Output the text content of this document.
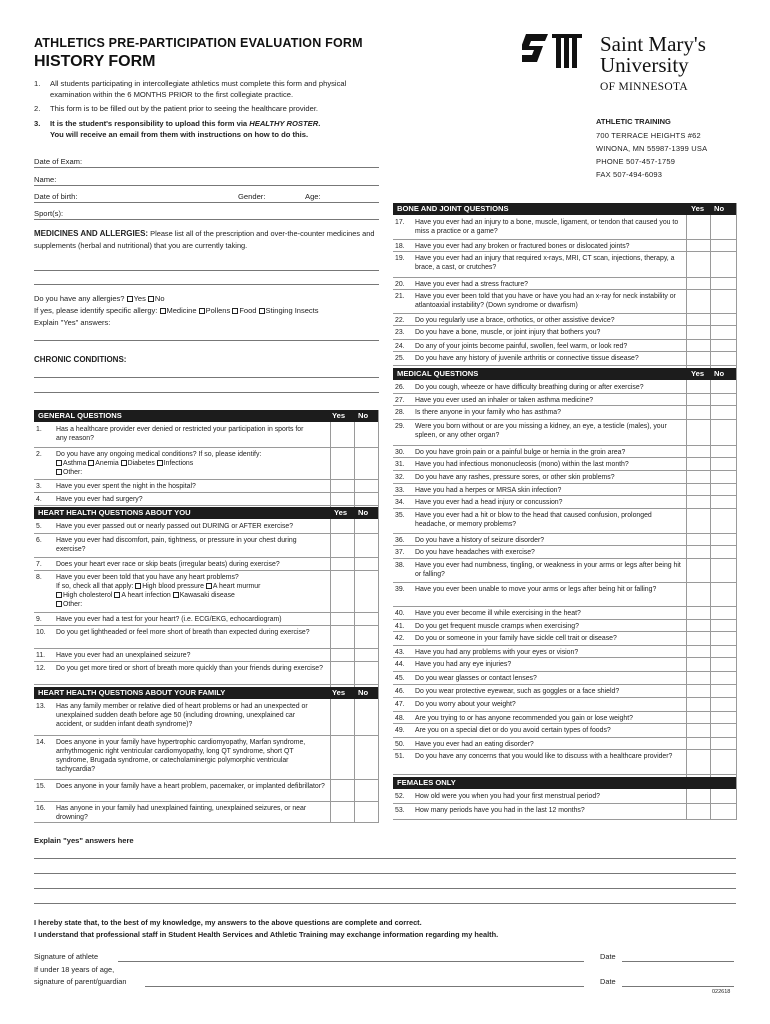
ATHLETICS PRE-PARTICIPATION EVALUATION FORM
HISTORY FORM
1.	All students participating in intercollegiate athletics must complete this form and physical examination within the 6 MONTHS PRIOR to the first collegiate practice.
2.	This form is to be filled out by the patient prior to seeing the healthcare provider.
3.	It is the student's responsibility to upload this form via HEALTHY ROSTER.
You will receive an email from them with instructions on how to do this.
Saint Mary's
University
OF MINNESOTA
ATHLETIC TRAINING
700 TERRACE HEIGHTS #62
WINONA, MN 55987-1399 USA
PHONE 507-457-1759
FAX 507-494-6093
Date of Exam:
Name:
Date of birth:	Gender:	Age:
Sport(s):
MEDICINES AND ALLERGIES: Please list all of the prescription and over-the-counter medicines and supplements (herbal and nutritional) that you are currently taking.
Do you have any allergies? Yes No
If yes, please identify specific allergy: Medicine Pollens Food Stinging Insects
Explain "Yes" answers:
CHRONIC CONDITIONS:
GENERAL QUESTIONS	Yes No
1. Has a healthcare provider ever denied or restricted your participation in sports for any reason?
2. Do you have any ongoing medical conditions? If so, please identify:
Asthma Anemia Diabetes Infections
Other:
3. Have you ever spent the night in the hospital?
4. Have you ever had surgery?
HEART HEALTH QUESTIONS ABOUT YOU	Yes No
5. Have you ever passed out or nearly passed out DURING or AFTER exercise?
6. Have you ever had discomfort, pain, tightness, or pressure in your chest during exercise?
7. Does your heart ever race or skip beats (irregular beats) during exercise?
8. Have you ever been told that you have any heart problems?
If so, check all that apply: High blood pressure A heart murmur
High cholesterol A heart infection Kawasaki disease
Other:
9. Have you ever had a test for your heart? (i.e. ECG/EKG, echocardiogram)
10. Do you get lightheaded or feel more short of breath than expected during exercise?
11. Have you ever had an unexplained seizure?
12. Do you get more tired or short of breath more quickly than your friends during exercise?
HEART HEALTH QUESTIONS ABOUT YOUR FAMILY	Yes No
13. Has any family member or relative died of heart problems or had an unexpected or unexplained sudden death before age 50 (including drowning, unexplained car accident, or sudden infant death syndrome)?
14. Does anyone in your family have hypertrophic cardiomyopathy, Marfan syndrome, arrhythmogenic right ventricular cardiomyopathy, long QT syndrome, short QT syndrome, Brugada syndrome, or catecholaminergic polymorphic ventricular tachycardia?
15. Does anyone in your family have a heart problem, pacemaker, or implanted defibrillator?
16. Has anyone in your family had unexplained fainting, unexplained seizures, or near drowning?
BONE AND JOINT QUESTIONS	Yes No
17. Have you ever had an injury to a bone, muscle, ligament, or tendon that caused you to miss a practice or a game?
18. Have you ever had any broken or fractured bones or dislocated joints?
19. Have you ever had an injury that required x-rays, MRI, CT scan, injections, therapy, a brace, a cast, or crutches?
20. Have you ever had a stress fracture?
21. Have you ever been told that you have or have you had an x-ray for neck instability or atlantoaxial instability? (Down syndrome or dwarfism)
22. Do you regularly use a brace, orthotics, or other assistive device?
23. Do you have a bone, muscle, or joint injury that bothers you?
24. Do any of your joints become painful, swollen, feel warm, or look red?
25. Do you have any history of juvenile arthritis or connective tissue disease?
MEDICAL QUESTIONS	Yes No
26. Do you cough, wheeze or have difficulty breathing during or after exercise?
27. Have you ever used an inhaler or taken asthma medicine?
28. Is there anyone in your family who has asthma?
29. Were you born without or are you missing a kidney, an eye, a testicle (males), your spleen, or any other organ?
30. Do you have groin pain or a painful bulge or hernia in the groin area?
31. Have you had infectious mononucleosis (mono) within the last month?
32. Do you have any rashes, pressure sores, or other skin problems?
33. Have you had a herpes or MRSA skin infection?
34. Have you ever had a head injury or concussion?
35. Have you ever had a hit or blow to the head that caused confusion, prolonged headache, or memory problems?
36. Do you have a history of seizure disorder?
37. Do you have headaches with exercise?
38. Have you ever had numbness, tingling, or weakness in your arms or legs after being hit or falling?
39. Have you ever been unable to move your arms or legs after being hit or falling?
40. Have you ever become ill while exercising in the heat?
41. Do you get frequent muscle cramps when exercising?
42. Do you or someone in your family have sickle cell trait or disease?
43. Have you had any problems with your eyes or vision?
44. Have you had any eye injuries?
45. Do you wear glasses or contact lenses?
46. Do you wear protective eyewear, such as goggles or a face shield?
47. Do you worry about your weight?
48. Are you trying to or has anyone recommended you gain or lose weight?
49. Are you on a special diet or do you avoid certain types of foods?
50. Have you ever had an eating disorder?
51. Do you have any concerns that you would like to discuss with a healthcare provider?
FEMALES ONLY
52. How old were you when you had your first menstrual period?
53. How many periods have you had in the last 12 months?
Explain "yes" answers here
I hereby state that, to the best of my knowledge, my answers to the above questions are complete and correct.
I understand that professional staff in Student Health Services and Athletic Training may exchange information regarding my health.
Signature of athlete	Date
If under 18 years of age,
signature of parent/guardian	Date
022618
